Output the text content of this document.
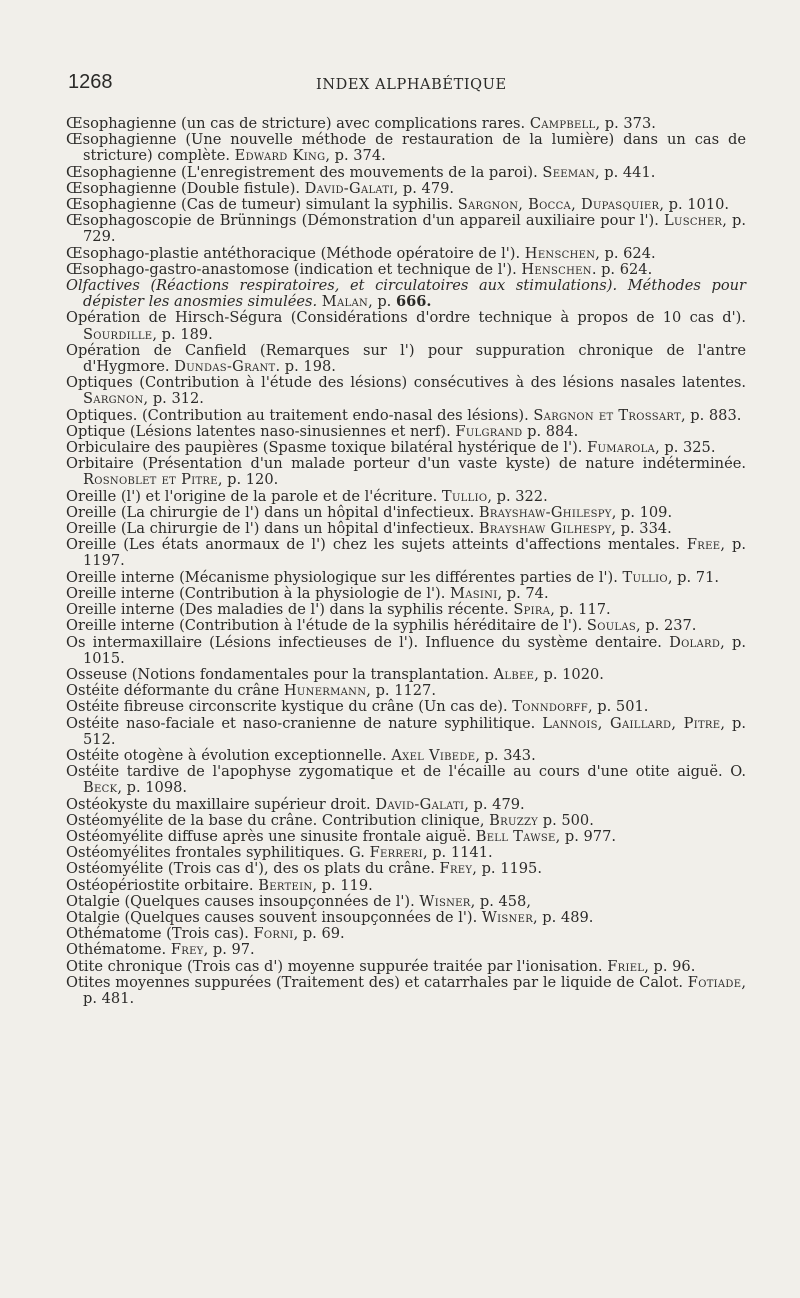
1268	INDEX ALPHABÉTIQUE

Œsophagienne (un cas de stricture) avec complications rares. Campbell, p. 373.

Œsophagienne (Une nouvelle méthode de restauration de la lumière) dans un cas de stricture) complète. Edward King, p. 374.

Œsophagienne (L'enregistrement des mouvements de la paroi). Seeman, p. 441.

Œsophagienne (Double fistule). David-Galati, p. 479.

Œsophagienne (Cas de tumeur) simulant la syphilis. Sargnon, Bocca, Dupasquier, p. 1010.

Œsophagoscopie de Brünnings (Démonstration d'un appareil auxiliaire pour l'). Luscher, p. 729.

Œsophago-plastie antéthoracique (Méthode opératoire de l'). Henschen, p. 624.

Œsophago-gastro-anastomose (indication et technique de l'). Henschen. p. 624.

Olfactives (Réactions respiratoires, et circulatoires aux stimulations). Méthodes pour dépister les anosmies simulées. Malan, p. 666.

Opération de Hirsch-Ségura (Considérations d'ordre technique à propos de 10 cas d'). Sourdille, p. 189.

Opération de Canfield (Remarques sur l') pour suppuration chronique de l'antre d'Hygmore. Dundas-Grant. p. 198.

Optiques (Contribution à l'étude des lésions) consécutives à des lésions nasales latentes. Sargnon, p. 312.

Optiques. (Contribution au traitement endo-nasal des lésions). Sargnon et Trossart, p. 883.

Optique (Lésions latentes naso-sinusiennes et nerf). Fulgrand p. 884.

Orbiculaire des paupières (Spasme toxique bilatéral hystérique de l'). Fumarola, p. 325.

Orbitaire (Présentation d'un malade porteur d'un vaste kyste) de nature indéterminée. Rosnoblet et Pitre, p. 120.

Oreille (l') et l'origine de la parole et de l'écriture. Tullio, p. 322.

Oreille (La chirurgie de l') dans un hôpital d'infectieux. Brayshaw-Ghilespy, p. 109.

Oreille (La chirurgie de l') dans un hôpital d'infectieux. Brayshaw Gilhespy, p. 334.

Oreille (Les états anormaux de l') chez les sujets atteints d'affections mentales. Free, p. 1197.

Oreille interne (Mécanisme physiologique sur les différentes parties de l'). Tullio, p. 71.

Oreille interne (Contribution à la physiologie de l'). Masini, p. 74.

Oreille interne (Des maladies de l') dans la syphilis récente. Spira, p. 117.

Oreille interne (Contribution à l'étude de la syphilis héréditaire de l'). Soulas, p. 237.

Os intermaxillaire (Lésions infectieuses de l'). Influence du système dentaire. Dolard, p. 1015.

Osseuse (Notions fondamentales pour la transplantation. Albee, p. 1020.

Ostéite déformante du crâne Hunermann, p. 1127.

Ostéite fibreuse circonscrite kystique du crâne (Un cas de). Tonndorff, p. 501.

Ostéite naso-faciale et naso-cranienne de nature syphilitique. Lannois, Gaillard, Pitre, p. 512.

Ostéite otogène à évolution exceptionnelle. Axel Vibede, p. 343.

Ostéite tardive de l'apophyse zygomatique et de l'écaille au cours d'une otite aiguë. O. Beck, p. 1098.

Ostéokyste du maxillaire supérieur droit. David-Galati, p. 479.

Ostéomyélite de la base du crâne. Contribution clinique, Bruzzy p. 500.

Ostéomyélite diffuse après une sinusite frontale aiguë. Bell Tawse, p. 977.

Ostéomyélites frontales syphilitiques. G. Ferreri, p. 1141.

Ostéomyélite (Trois cas d'), des os plats du crâne. Frey, p. 1195.

Ostéopériostite orbitaire. Bertein, p. 119.

Otalgie (Quelques causes insoupçonnées de l'). Wisner, p. 458,

Otalgie (Quelques causes souvent insoupçonnées de l'). Wisner, p. 489.

Othématome (Trois cas). Forni, p. 69.

Othématome. Frey, p. 97.

Otite chronique (Trois cas d') moyenne suppurée traitée par l'ionisation. Friel, p. 96.

Otites moyennes suppurées (Traitement des) et catarrhales par le liquide de Calot. Fotiade, p. 481.
